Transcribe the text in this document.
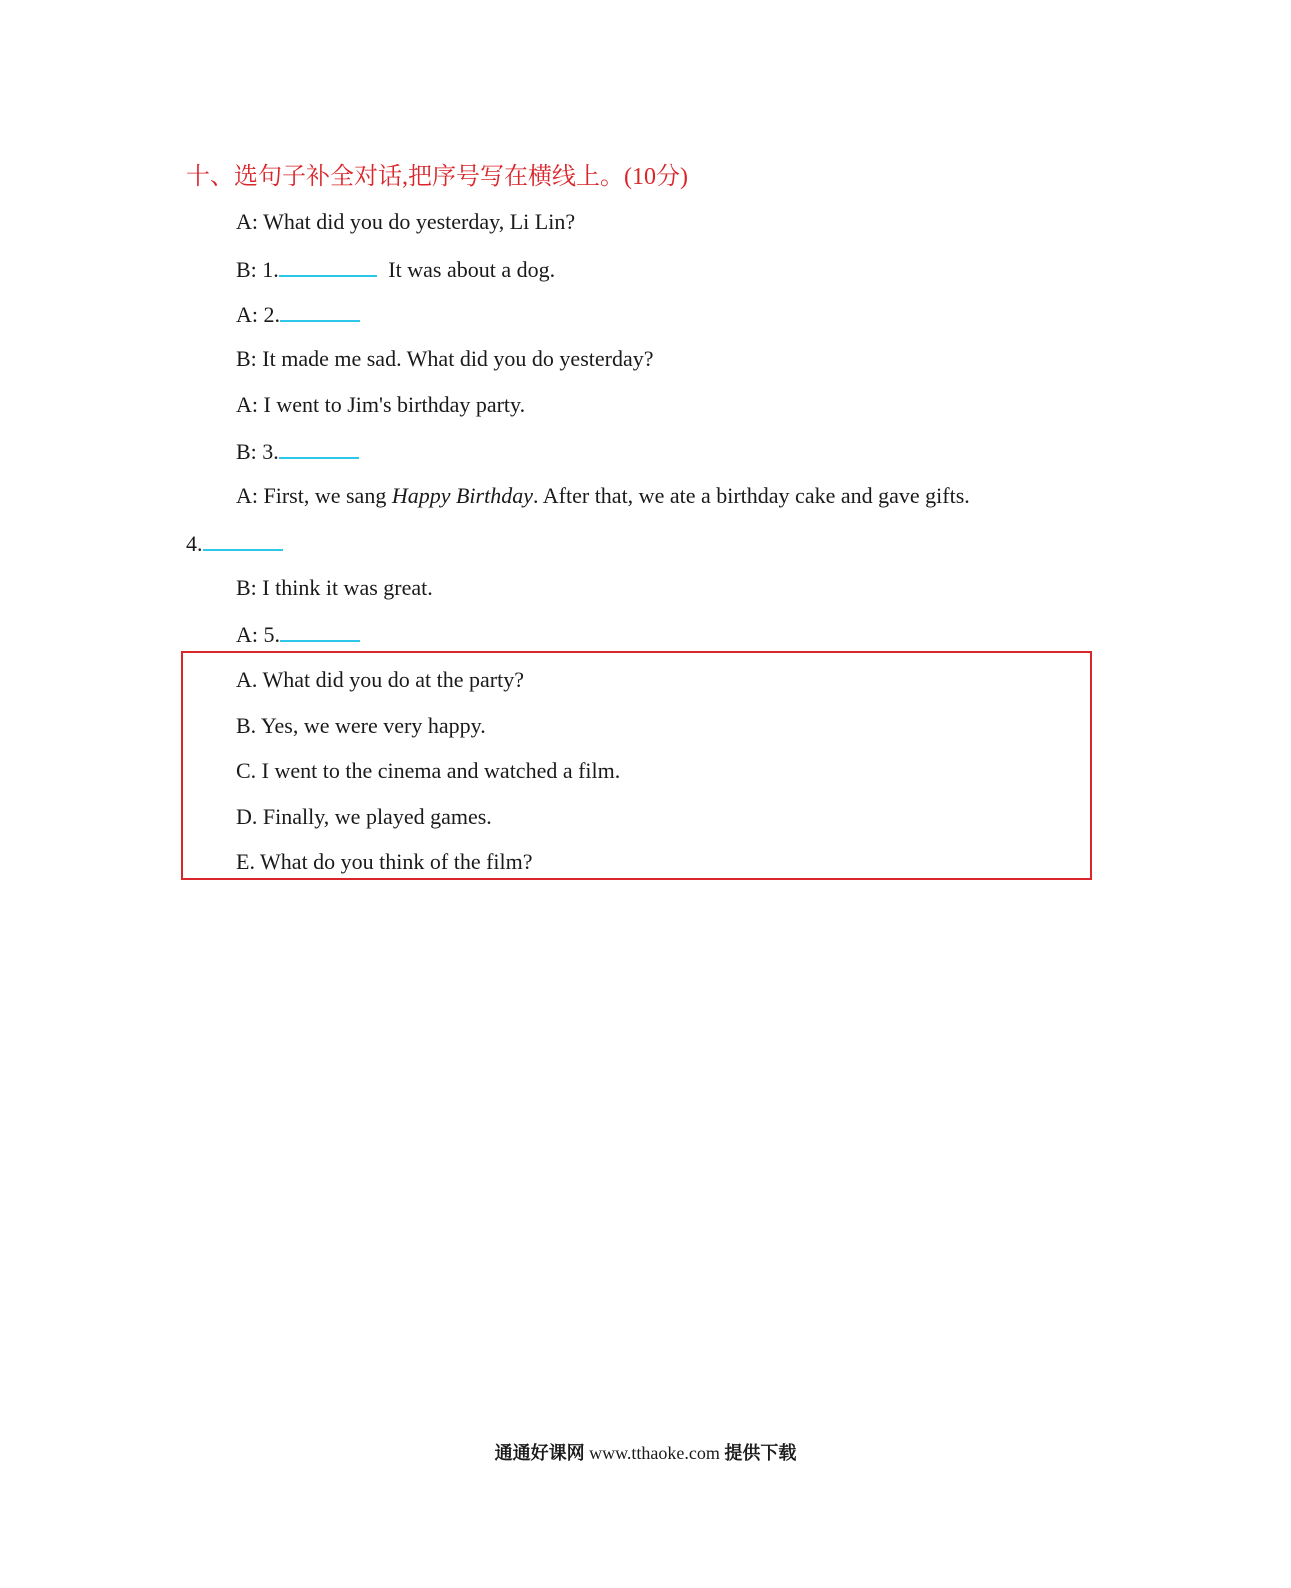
十、选句子补全对话,把序号写在横线上。(10分)
A: What did you do yesterday, Li Lin?
B: 1.	It was about a dog.
A: 2.
B: It made me sad. What did you do yesterday?
A: I went to Jim's birthday party.
B: 3.
A: First, we sang Happy Birthday. After that, we ate a birthday cake and gave gifts.
4.
B: I think it was great.
A: 5.
A. What did you do at the party?
B. Yes, we were very happy.
C. I went to the cinema and watched a film.
D. Finally, we played games.
E. What do you think of the film?
通通好课网 www.tthaoke.com 提供下载
